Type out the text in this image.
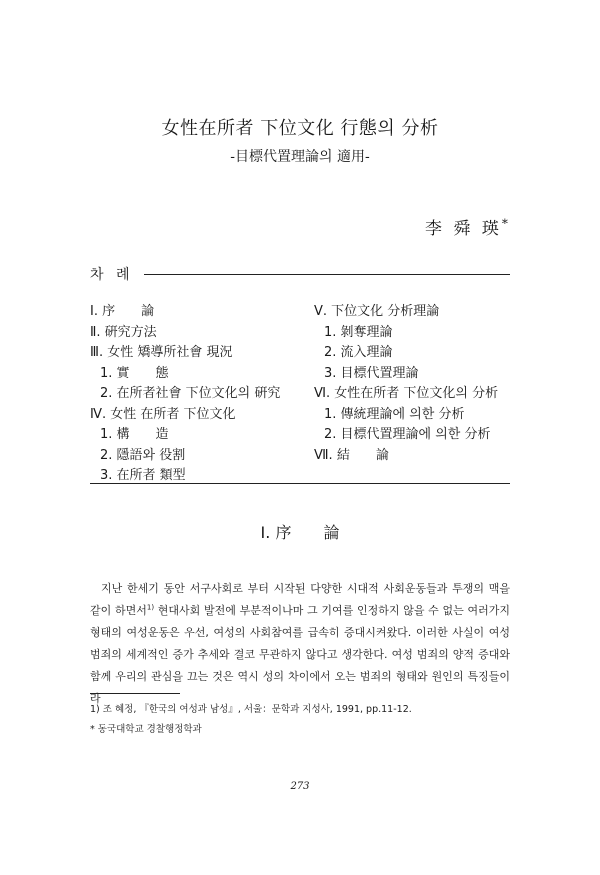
女性在所者 下位文化 行態의 分析
-目標代置理論의 適用-
李 舜 瑛*
차 례
Ⅰ. 序　　論
Ⅱ. 硏究方法
Ⅲ. 女性 矯導所社會 現況
1. 實　　態
2. 在所者社會 下位文化의 硏究
Ⅳ. 女性 在所者 下位文化
1. 構　　造
2. 隱語와 役割
3. 在所者 類型
Ⅴ. 下位文化 分析理論
1. 剝奪理論
2. 流入理論
3. 目標代置理論
Ⅵ. 女性在所者 下位文化의 分析
1. 傳統理論에 의한 分析
2. 目標代置理論에 의한 分析
Ⅶ. 結　　論
Ⅰ. 序　　論

지난 한세기 동안 서구사회로 부터 시작된 다양한 시대적 사회운동들과 투쟁의 맥을 같이 하면서$^{1)}$ 현대사회 발전에 부분적이나마 그 기여를 인정하지 않을 수 없는 여러가지 형태의 여성운동은 우선, 여성의 사회참여를 급속히 증대시켜왔다. 이러한 사실이 여성 범죄의 세계적인 증가 추세와 결코 무관하지 않다고 생각한다. 여성 범죄의 양적 증대와 함께 우리의 관심을 끄는 것은 역시 성의 차이에서 오는 범죄의 형태와 원인의 특징들이라

1) 조 혜정, 『한국의 여성과 남성』, 서울：문학과 지성사, 1991, pp.11-12.
* 동국대학교 경찰행정학과
273
